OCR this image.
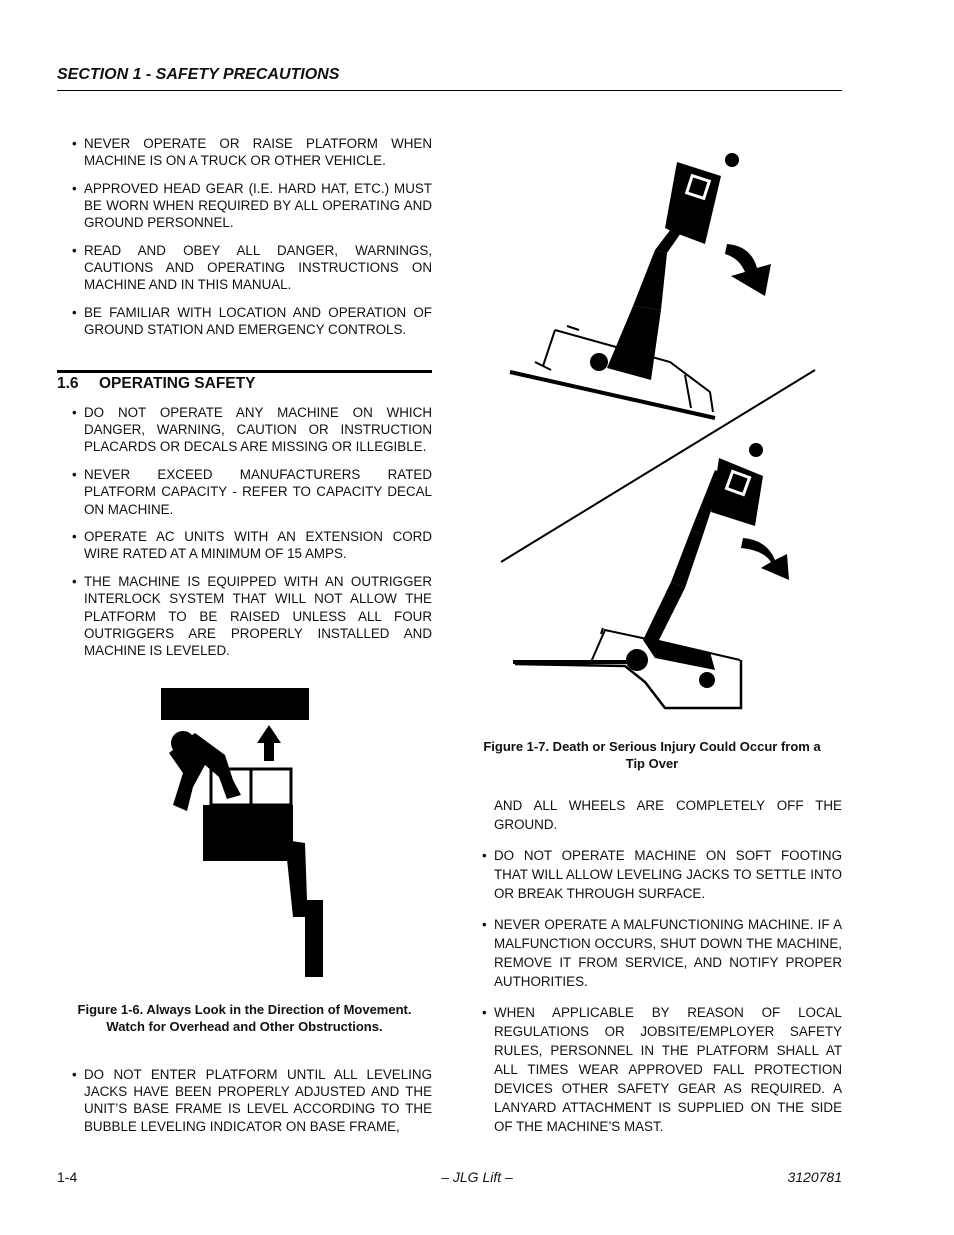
SECTION 1 - SAFETY PRECAUTIONS
• NEVER OPERATE OR RAISE PLATFORM WHEN MACHINE IS ON A TRUCK OR OTHER VEHICLE.
• APPROVED HEAD GEAR (I.E. HARD HAT, ETC.) MUST BE WORN WHEN REQUIRED BY ALL OPERATING AND GROUND PERSONNEL.
• READ AND OBEY ALL DANGER, WARNINGS, CAUTIONS AND OPERATING INSTRUCTIONS ON MACHINE AND IN THIS MANUAL.
• BE FAMILIAR WITH LOCATION AND OPERATION OF GROUND STATION AND EMERGENCY CONTROLS.
1.6 OPERATING SAFETY
• DO NOT OPERATE ANY MACHINE ON WHICH DANGER, WARNING, CAUTION OR INSTRUCTION PLACARDS OR DECALS ARE MISSING OR ILLEGIBLE.
• NEVER EXCEED MANUFACTURERS RATED PLATFORM CAPACITY - REFER TO CAPACITY DECAL ON MACHINE.
• OPERATE AC UNITS WITH AN EXTENSION CORD WIRE RATED AT A MINIMUM OF 15 AMPS.
• THE MACHINE IS EQUIPPED WITH AN OUTRIGGER INTERLOCK SYSTEM THAT WILL NOT ALLOW THE PLATFORM TO BE RAISED UNLESS ALL FOUR OUTRIGGERS ARE PROPERLY INSTALLED AND MACHINE IS LEVELED.
Figure 1-6. Always Look in the Direction of Movement.
Watch for Overhead and Other Obstructions.
• DO NOT ENTER PLATFORM UNTIL ALL LEVELING JACKS HAVE BEEN PROPERLY ADJUSTED AND THE UNIT’S BASE FRAME IS LEVEL ACCORDING TO THE BUBBLE LEVELING INDICATOR ON BASE FRAME,
Figure 1-7. Death or Serious Injury Could Occur from a
Tip Over
AND ALL WHEELS ARE COMPLETELY OFF THE GROUND.
• DO NOT OPERATE MACHINE ON SOFT FOOTING THAT WILL ALLOW LEVELING JACKS TO SETTLE INTO OR BREAK THROUGH SURFACE.
• NEVER OPERATE A MALFUNCTIONING MACHINE. IF A MALFUNCTION OCCURS, SHUT DOWN THE MACHINE, REMOVE IT FROM SERVICE, AND NOTIFY PROPER AUTHORITIES.
• WHEN APPLICABLE BY REASON OF LOCAL REGULATIONS OR JOBSITE/EMPLOYER SAFETY RULES, PERSONNEL IN THE PLATFORM SHALL AT ALL TIMES WEAR APPROVED FALL PROTECTION DEVICES OTHER SAFETY GEAR AS REQUIRED. A LANYARD ATTACHMENT IS SUPPLIED ON THE SIDE OF THE MACHINE’S MAST.
1-4	– JLG Lift –	3120781
